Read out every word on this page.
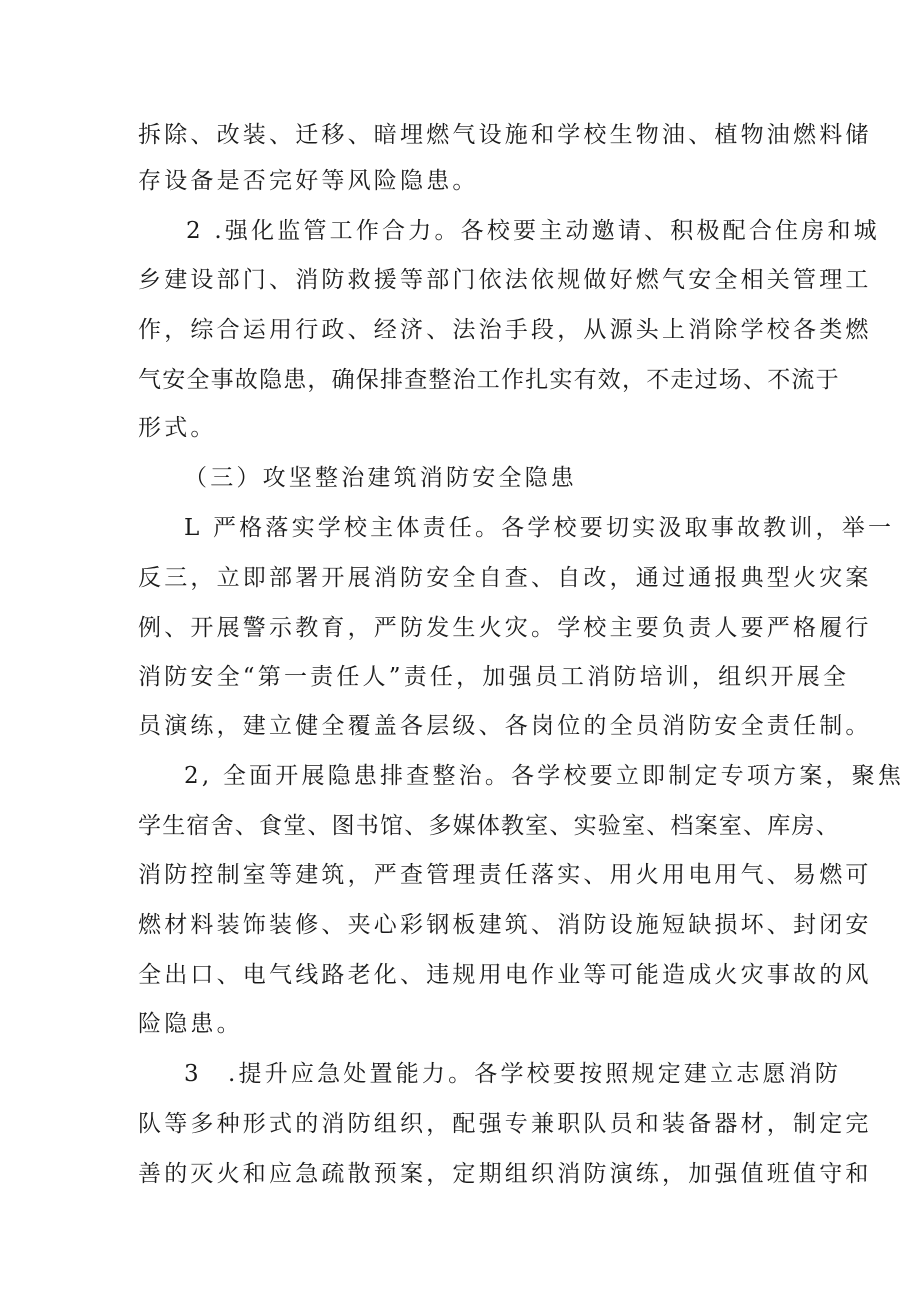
拆除、改装、迁移、暗埋燃气设施和学校生物油、植物油燃料储
存设备是否完好等风险隐患。
2 .强化监管工作合力。各校要主动邀请、积极配合住房和城
乡建设部门、消防救援等部门依法依规做好燃气安全相关管理工
作，综合运用行政、经济、法治手段，从源头上消除学校各类燃
气安全事故隐患，确保排查整治工作扎实有效，不走过场、不流于
形式。
（三）攻坚整治建筑消防安全隐患
L 严格落实学校主体责任。各学校要切实汲取事故教训，举一
反三，立即部署开展消防安全自查、自改，通过通报典型火灾案
例、开展警示教育，严防发生火灾。学校主要负责人要严格履行
消防安全“第一责任人”责任，加强员工消防培训，组织开展全
员演练，建立健全覆盖各层级、各岗位的全员消防安全责任制。
2, 全面开展隐患排查整治。各学校要立即制定专项方案，聚焦
学生宿舍、食堂、图书馆、多媒体教室、实验室、档案室、库房、
消防控制室等建筑，严查管理责任落实、用火用电用气、易燃可
燃材料装饰装修、夹心彩钢板建筑、消防设施短缺损坏、封闭安
全出口、电气线路老化、违规用电作业等可能造成火灾事故的风
险隐患。
3	.提升应急处置能力。各学校要按照规定建立志愿消防
队等多种形式的消防组织，配强专兼职队员和装备器材，制定完
善的灭火和应急疏散预案，定期组织消防演练，加强值班值守和
